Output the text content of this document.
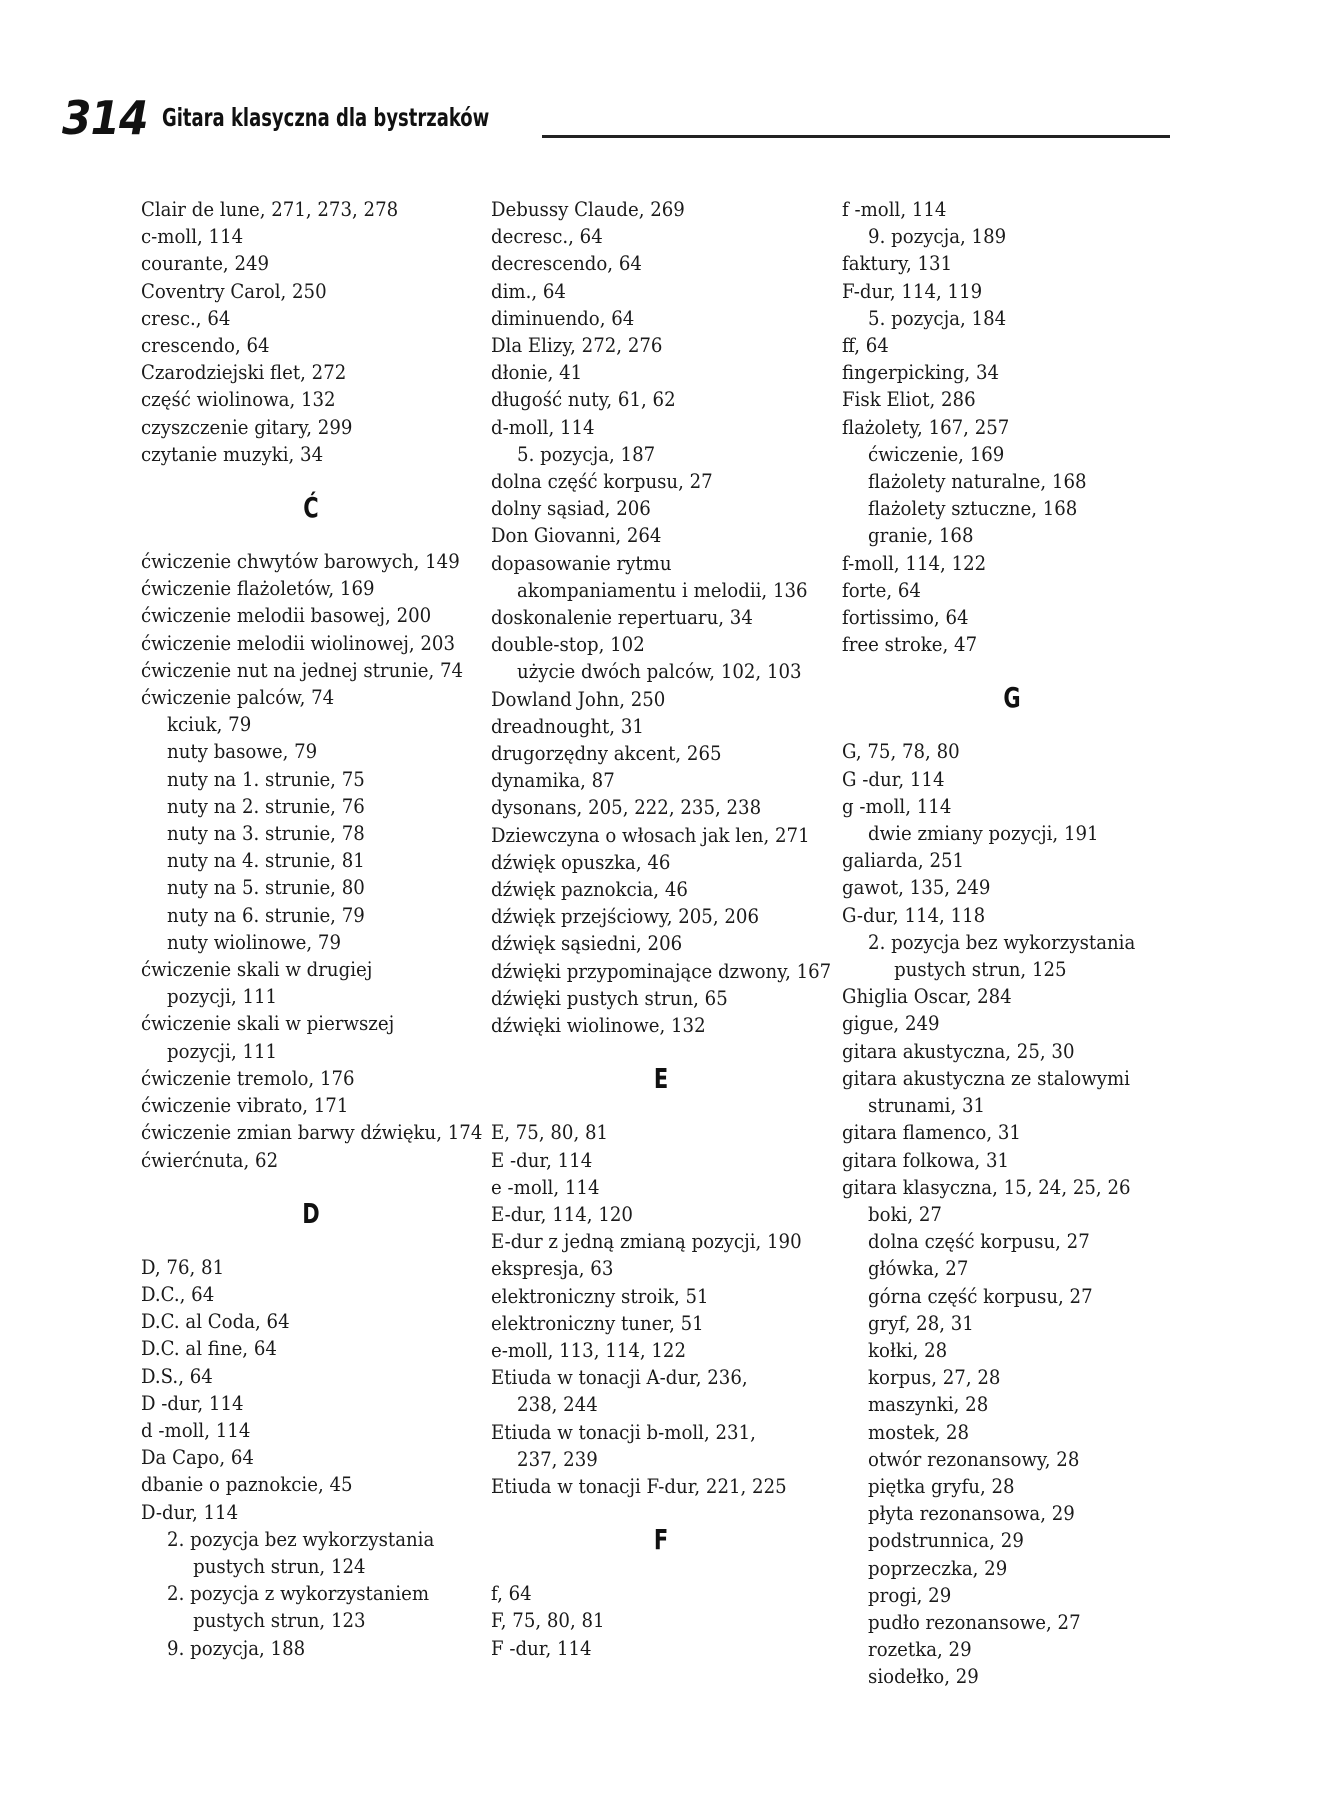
314 Gitara klasyczna dla bystrzaków
Clair de lune, 271, 273, 278
c-moll, 114
courante, 249
Coventry Carol, 250
cresc., 64
crescendo, 64
Czarodziejski flet, 272
część wiolinowa, 132
czyszczenie gitary, 299
czytanie muzyki, 34
Ć
ćwiczenie chwytów barowych, 149
ćwiczenie flażoletów, 169
ćwiczenie melodii basowej, 200
ćwiczenie melodii wiolinowej, 203
ćwiczenie nut na jednej strunie, 74
ćwiczenie palców, 74
kciuk, 79
nuty basowe, 79
nuty na 1. strunie, 75
nuty na 2. strunie, 76
nuty na 3. strunie, 78
nuty na 4. strunie, 81
nuty na 5. strunie, 80
nuty na 6. strunie, 79
nuty wiolinowe, 79
ćwiczenie skali w drugiej
pozycji, 111
ćwiczenie skali w pierwszej
pozycji, 111
ćwiczenie tremolo, 176
ćwiczenie vibrato, 171
ćwiczenie zmian barwy dźwięku, 174
ćwierćnuta, 62
D
D, 76, 81
D.C., 64
D.C. al Coda, 64
D.C. al fine, 64
D.S., 64
D -dur, 114
d -moll, 114
Da Capo, 64
dbanie o paznokcie, 45
D-dur, 114
2. pozycja bez wykorzystania
pustych strun, 124
2. pozycja z wykorzystaniem
pustych strun, 123
9. pozycja, 188
Debussy Claude, 269
decresc., 64
decrescendo, 64
dim., 64
diminuendo, 64
Dla Elizy, 272, 276
dłonie, 41
długość nuty, 61, 62
d-moll, 114
5. pozycja, 187
dolna część korpusu, 27
dolny sąsiad, 206
Don Giovanni, 264
dopasowanie rytmu
akompaniamentu i melodii, 136
doskonalenie repertuaru, 34
double-stop, 102
użycie dwóch palców, 102, 103
Dowland John, 250
dreadnought, 31
drugorzędny akcent, 265
dynamika, 87
dysonans, 205, 222, 235, 238
Dziewczyna o włosach jak len, 271
dźwięk opuszka, 46
dźwięk paznokcia, 46
dźwięk przejściowy, 205, 206
dźwięk sąsiedni, 206
dźwięki przypominające dzwony, 167
dźwięki pustych strun, 65
dźwięki wiolinowe, 132
E
E, 75, 80, 81
E -dur, 114
e -moll, 114
E-dur, 114, 120
E-dur z jedną zmianą pozycji, 190
ekspresja, 63
elektroniczny stroik, 51
elektroniczny tuner, 51
e-moll, 113, 114, 122
Etiuda w tonacji A-dur, 236,
238, 244
Etiuda w tonacji b-moll, 231,
237, 239
Etiuda w tonacji F-dur, 221, 225
F
f, 64
F, 75, 80, 81
F -dur, 114
f -moll, 114
9. pozycja, 189
faktury, 131
F-dur, 114, 119
5. pozycja, 184
ff, 64
fingerpicking, 34
Fisk Eliot, 286
flażolety, 167, 257
ćwiczenie, 169
flażolety naturalne, 168
flażolety sztuczne, 168
granie, 168
f-moll, 114, 122
forte, 64
fortissimo, 64
free stroke, 47
G
G, 75, 78, 80
G -dur, 114
g -moll, 114
dwie zmiany pozycji, 191
galiarda, 251
gawot, 135, 249
G-dur, 114, 118
2. pozycja bez wykorzystania
pustych strun, 125
Ghiglia Oscar, 284
gigue, 249
gitara akustyczna, 25, 30
gitara akustyczna ze stalowymi
strunami, 31
gitara flamenco, 31
gitara folkowa, 31
gitara klasyczna, 15, 24, 25, 26
boki, 27
dolna część korpusu, 27
główka, 27
górna część korpusu, 27
gryf, 28, 31
kołki, 28
korpus, 27, 28
maszynki, 28
mostek, 28
otwór rezonansowy, 28
piętka gryfu, 28
płyta rezonansowa, 29
podstrunnica, 29
poprzeczka, 29
progi, 29
pudło rezonansowe, 27
rozetka, 29
siodełko, 29
